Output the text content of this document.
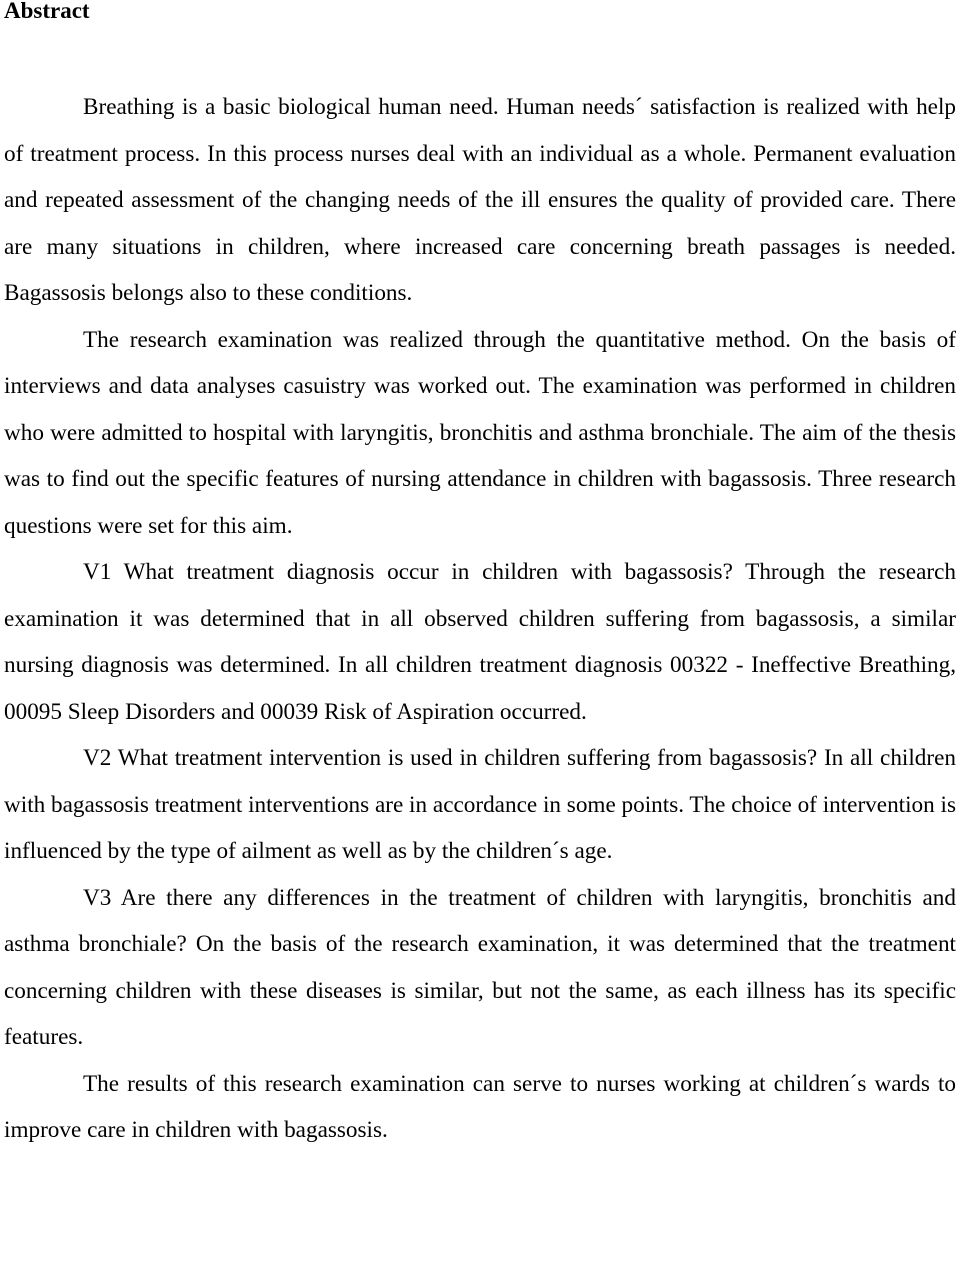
Abstract

Breathing is a basic biological human need. Human needs´ satisfaction is realized with help of treatment process. In this process nurses deal with an individual as a whole. Permanent evaluation and repeated assessment of the changing needs of the ill ensures the quality of provided care. There are many situations in children, where increased care concerning breath passages is needed. Bagassosis belongs also to these conditions.

The research examination was realized through the quantitative method. On the basis of interviews and data analyses casuistry was worked out. The examination was performed in children who were admitted to hospital with laryngitis, bronchitis and asthma bronchiale. The aim of the thesis was to find out the specific features of nursing attendance in children with bagassosis. Three research questions were set for this aim.

V1 What treatment diagnosis occur in children with bagassosis? Through the research examination it was determined that in all observed children suffering from bagassosis, a similar nursing diagnosis was determined. In all children treatment diagnosis 00322 - Ineffective Breathing, 00095 Sleep Disorders and 00039 Risk of Aspiration occurred.

V2 What treatment intervention is used in children suffering from bagassosis? In all children with bagassosis treatment interventions are in accordance in some points. The choice of intervention is influenced by the type of ailment as well as by the children´s age.

V3 Are there any differences in the treatment of children with laryngitis, bronchitis and asthma bronchiale? On the basis of the research examination, it was determined that the treatment concerning children with these diseases is similar, but not the same, as each illness has its specific features.

The results of this research examination can serve to nurses working at children´s wards to improve care in children with bagassosis.
